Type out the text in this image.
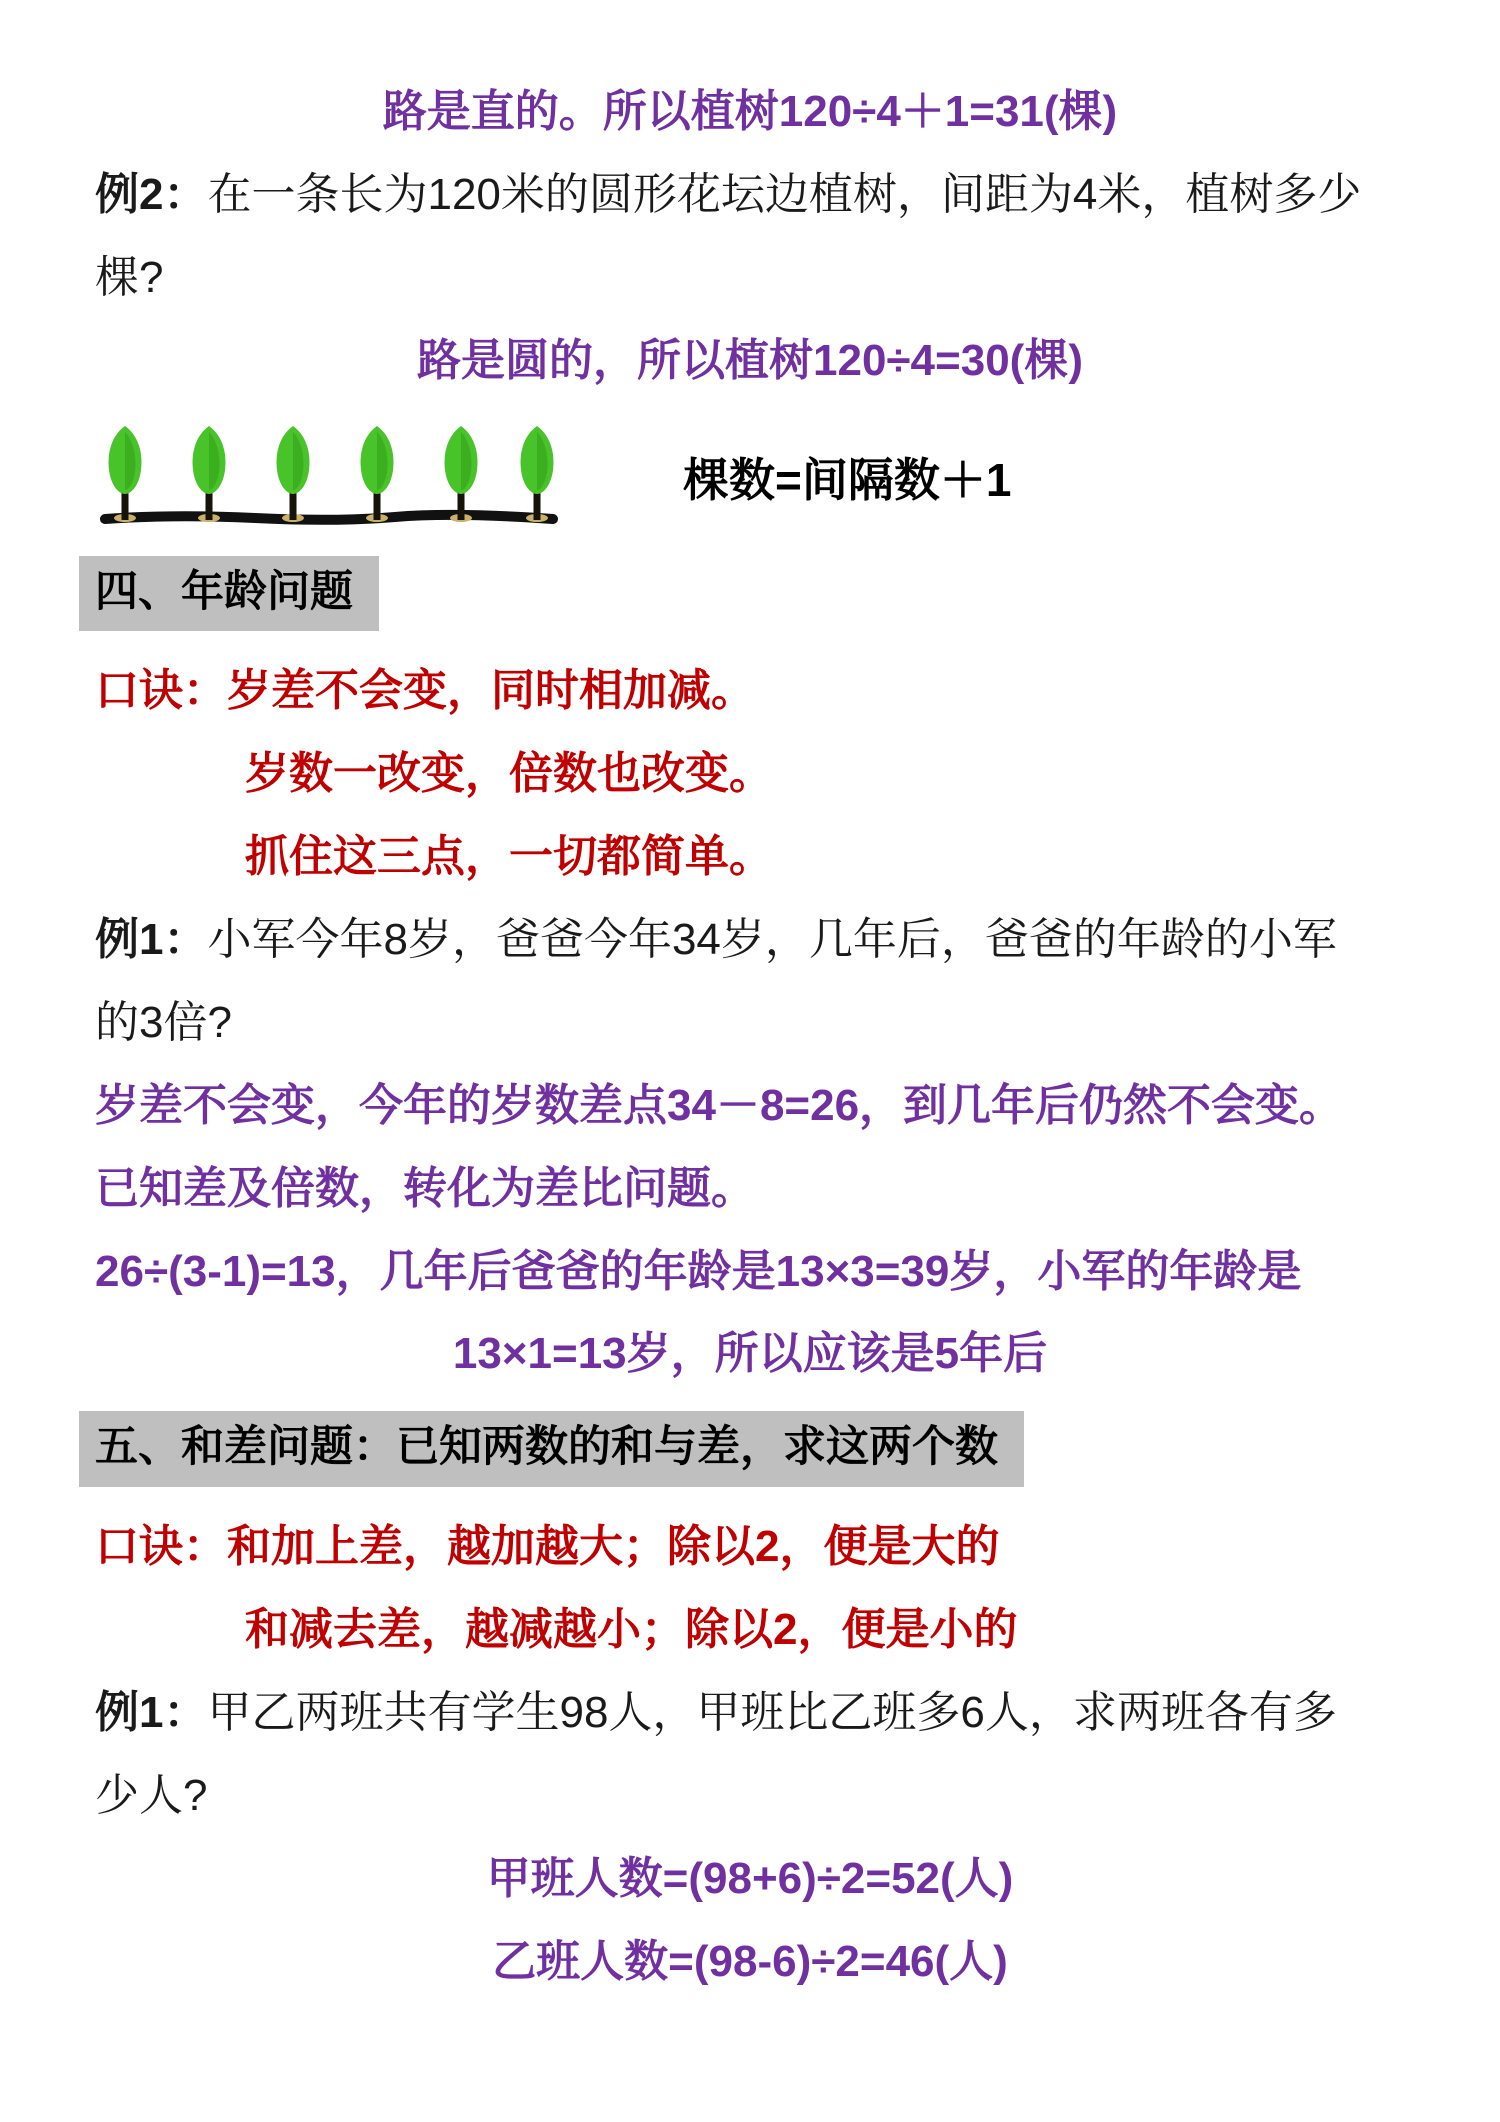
路是直的。所以植树120÷4＋1=31(棵)

例2：在一条长为120米的圆形花坛边植树，间距为4米，植树多少

棵?

路是圆的，所以植树120÷4=30(棵)

棵数=间隔数＋1
四、年龄问题

口诀：岁差不会变，同时相加减。

岁数一改变，倍数也改变。

抓住这三点，一切都简单。

例1：小军今年8岁，爸爸今年34岁，几年后，爸爸的年龄的小军

的3倍?

岁差不会变，今年的岁数差点34－8=26，到几年后仍然不会变。

已知差及倍数，转化为差比问题。

26÷(3-1)=13，几年后爸爸的年龄是13×3=39岁，小军的年龄是

13×1=13岁，所以应该是5年后

五、和差问题：已知两数的和与差，求这两个数

口诀：和加上差，越加越大；除以2，便是大的

和减去差，越减越小；除以2，便是小的

例1：甲乙两班共有学生98人，甲班比乙班多6人，求两班各有多

少人?

甲班人数=(98+6)÷2=52(人)

乙班人数=(98-6)÷2=46(人)
